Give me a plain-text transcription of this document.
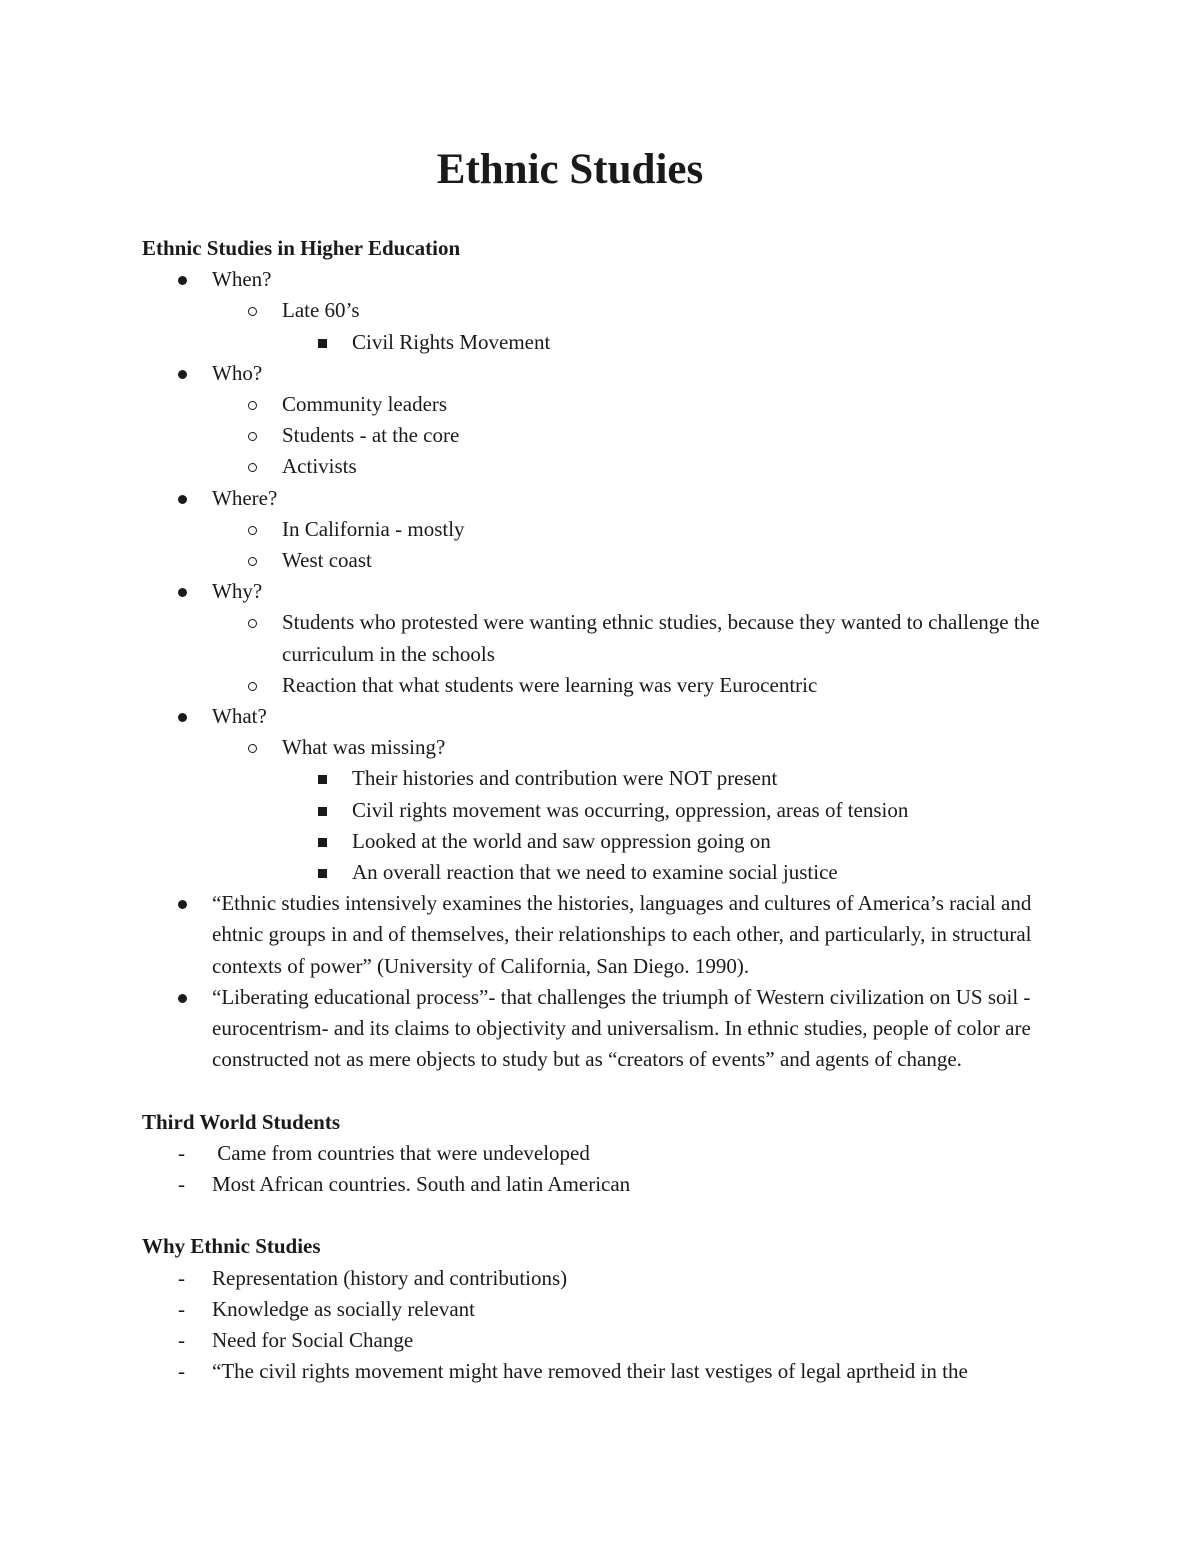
Ethnic Studies
Ethnic Studies in Higher Education
When?
Late 60’s
Civil Rights Movement
Who?
Community leaders
Students - at the core
Activists
Where?
In California - mostly
West coast
Why?
Students who protested were wanting ethnic studies, because they wanted to challenge the curriculum in the schools
Reaction that what students were learning was very Eurocentric
What?
What was missing?
Their histories and contribution were NOT present
Civil rights movement was occurring, oppression, areas of tension
Looked at the world and saw oppression going on
An overall reaction that we need to examine social justice
“Ethnic studies intensively examines the histories, languages and cultures of America’s racial and ehtnic groups in and of themselves, their relationships to each other, and particularly, in structural contexts of power” (University of California, San Diego. 1990).
“Liberating educational process”- that challenges the triumph of Western civilization on US soil -eurocentrism- and its claims to objectivity and universalism. In ethnic studies, people of color are constructed not as mere objects to study but as “creators of events” and agents of change.
Third World Students
-
Came from countries that were undeveloped
-
Most African countries. South and latin American
Why Ethnic Studies
-
Representation (history and contributions)
-
Knowledge as socially relevant
-
Need for Social Change
-
“The civil rights movement might have removed their last vestiges of legal aprtheid in the
